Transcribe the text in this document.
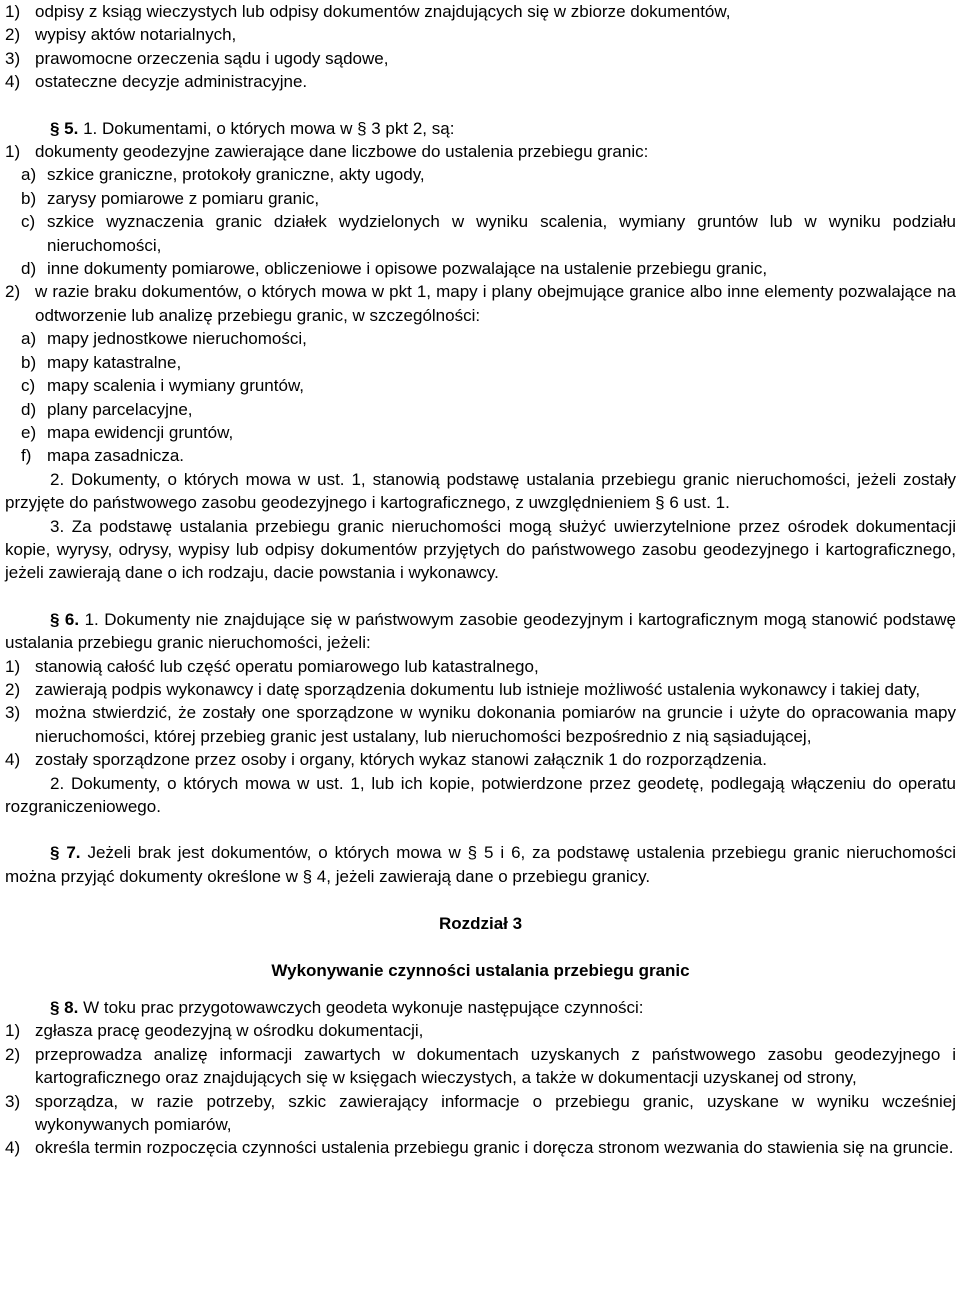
1) odpisy z ksiąg wieczystych lub odpisy dokumentów znajdujących się w zbiorze dokumentów,
2) wypisy aktów notarialnych,
3) prawomocne orzeczenia sądu i ugody sądowe,
4) ostateczne decyzje administracyjne.
§ 5. 1. Dokumentami, o których mowa w § 3 pkt 2, są:
1) dokumenty geodezyjne zawierające dane liczbowe do ustalenia przebiegu granic:
a) szkice graniczne, protokoły graniczne, akty ugody,
b) zarysy pomiarowe z pomiaru granic,
c) szkice wyznaczenia granic działek wydzielonych w wyniku scalenia, wymiany gruntów lub w wyniku podziału nieruchomości,
d) inne dokumenty pomiarowe, obliczeniowe i opisowe pozwalające na ustalenie przebiegu granic,
2) w razie braku dokumentów, o których mowa w pkt 1, mapy i plany obejmujące granice albo inne elementy pozwalające na odtworzenie lub analizę przebiegu granic, w szczególności:
a) mapy jednostkowe nieruchomości,
b) mapy katastralne,
c) mapy scalenia i wymiany gruntów,
d) plany parcelacyjne,
e) mapa ewidencji gruntów,
f) mapa zasadnicza.
2. Dokumenty, o których mowa w ust. 1, stanowią podstawę ustalania przebiegu granic nieruchomości, jeżeli zostały przyjęte do państwowego zasobu geodezyjnego i kartograficznego, z uwzględnieniem § 6 ust. 1.
3. Za podstawę ustalania przebiegu granic nieruchomości mogą służyć uwierzytelnione przez ośrodek dokumentacji kopie, wyrysy, odrysy, wypisy lub odpisy dokumentów przyjętych do państwowego zasobu geodezyjnego i kartograficznego, jeżeli zawierają dane o ich rodzaju, dacie powstania i wykonawcy.
§ 6. 1. Dokumenty nie znajdujące się w państwowym zasobie geodezyjnym i kartograficznym mogą stanowić podstawę ustalania przebiegu granic nieruchomości, jeżeli:
1) stanowią całość lub część operatu pomiarowego lub katastralnego,
2) zawierają podpis wykonawcy i datę sporządzenia dokumentu lub istnieje możliwość ustalenia wykonawcy i takiej daty,
3) można stwierdzić, że zostały one sporządzone w wyniku dokonania pomiarów na gruncie i użyte do opracowania mapy nieruchomości, której przebieg granic jest ustalany, lub nieruchomości bezpośrednio z nią sąsiadującej,
4) zostały sporządzone przez osoby i organy, których wykaz stanowi załącznik 1 do rozporządzenia.
2. Dokumenty, o których mowa w ust. 1, lub ich kopie, potwierdzone przez geodetę, podlegają włączeniu do operatu rozgraniczeniowego.
§ 7. Jeżeli brak jest dokumentów, o których mowa w § 5 i 6, za podstawę ustalenia przebiegu granic nieruchomości można przyjąć dokumenty określone w § 4, jeżeli zawierają dane o przebiegu granicy.
Rozdział 3
Wykonywanie czynności ustalania przebiegu granic
§ 8. W toku prac przygotowawczych geodeta wykonuje następujące czynności:
1) zgłasza pracę geodezyjną w ośrodku dokumentacji,
2) przeprowadza analizę informacji zawartych w dokumentach uzyskanych z państwowego zasobu geodezyjnego i kartograficznego oraz znajdujących się w księgach wieczystych, a także w dokumentacji uzyskanej od strony,
3) sporządza, w razie potrzeby, szkic zawierający informacje o przebiegu granic, uzyskane w wyniku wcześniej wykonywanych pomiarów,
4) określa termin rozpoczęcia czynności ustalenia przebiegu granic i doręcza stronom wezwania do stawienia się na gruncie.
